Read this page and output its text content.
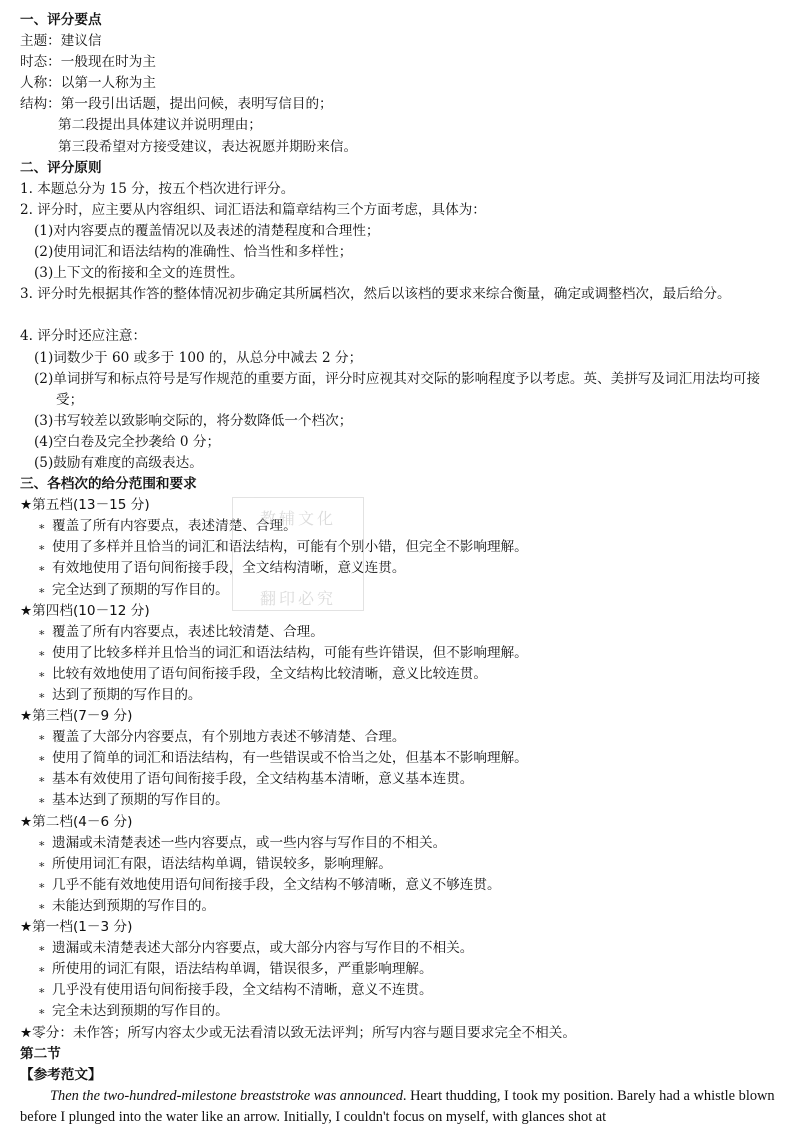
一、评分要点
主题：建议信
时态：一般现在时为主
人称：以第一人称为主
结构：第一段引出话题，提出问候，表明写信目的；
第二段提出具体建议并说明理由；
第三段希望对方接受建议，表达祝愿并期盼来信。
二、评分原则
1. 本题总分为 15 分，按五个档次进行评分。
2. 评分时，应主要从内容组织、词汇语法和篇章结构三个方面考虑，具体为：
(1)对内容要点的覆盖情况以及表述的清楚程度和合理性；
(2)使用词汇和语法结构的准确性、恰当性和多样性；
(3)上下文的衔接和全文的连贯性。
3. 评分时先根据其作答的整体情况初步确定其所属档次，然后以该档的要求来综合衡量，确定或调整档次，最后给分。
4. 评分时还应注意：
(1)词数少于 60 或多于 100 的，从总分中减去 2 分；
(2)单词拼写和标点符号是写作规范的重要方面，评分时应视其对交际的影响程度予以考虑。英、美拼写及词汇用法均可接受；
(3)书写较差以致影响交际的，将分数降低一个档次；
(4)空白卷及完全抄袭给 0 分；
(5)鼓励有难度的高级表达。
三、各档次的给分范围和要求
★第五档(13－15 分)
∗ 覆盖了所有内容要点，表述清楚、合理。
∗ 使用了多样并且恰当的词汇和语法结构，可能有个别小错，但完全不影响理解。
∗ 有效地使用了语句间衔接手段，全文结构清晰，意义连贯。
∗ 完全达到了预期的写作目的。
★第四档(10－12 分)
∗ 覆盖了所有内容要点，表述比较清楚、合理。
∗ 使用了比较多样并且恰当的词汇和语法结构，可能有些许错误，但不影响理解。
∗ 比较有效地使用了语句间衔接手段，全文结构比较清晰，意义比较连贯。
∗ 达到了预期的写作目的。
★第三档(7－9 分)
∗ 覆盖了大部分内容要点，有个别地方表述不够清楚、合理。
∗ 使用了简单的词汇和语法结构，有一些错误或不恰当之处，但基本不影响理解。
∗ 基本有效使用了语句间衔接手段，全文结构基本清晰，意义基本连贯。
∗ 基本达到了预期的写作目的。
★第二档(4－6 分)
∗ 遗漏或未清楚表述一些内容要点，或一些内容与写作目的不相关。
∗ 所使用词汇有限，语法结构单调，错误较多，影响理解。
∗ 几乎不能有效地使用语句间衔接手段，全文结构不够清晰，意义不够连贯。
∗ 未能达到预期的写作目的。
★第一档(1－3 分)
∗ 遗漏或未清楚表述大部分内容要点，或大部分内容与写作目的不相关。
∗ 所使用的词汇有限，语法结构单调，错误很多，严重影响理解。
∗ 几乎没有使用语句间衔接手段，全文结构不清晰，意义不连贯。
∗ 完全未达到预期的写作目的。
★零分：未作答；所写内容太少或无法看清以致无法评判；所写内容与题目要求完全不相关。
第二节
【参考范文】
Then the two-hundred-milestone breaststroke was announced. Heart thudding, I took my position. Barely had a whistle blown before I plunged into the water like an arrow. Initially, I couldn't focus on myself, with glances shot at
教辅文化
翻印必究
